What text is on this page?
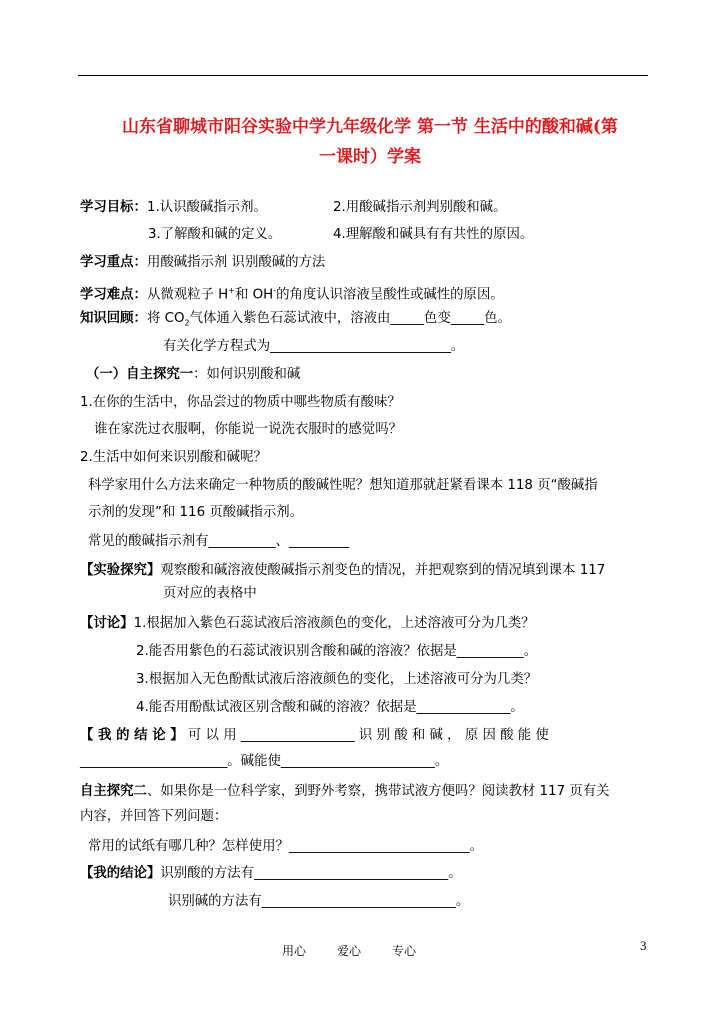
山东省聊城市阳谷实验中学九年级化学 第一节 生活中的酸和碱(第
一课时）学案
学习目标：1.认识酸碱指示剂。	2.用酸碱指示剂判别酸和碱。
3.了解酸和碱的定义。	4.理解酸和碱具有有共性的原因。
学习重点：用酸碱指示剂 识别酸碱的方法
学习难点：从微观粒子 H+和 OH-的角度认识溶液呈酸性或碱性的原因。
知识回顾：将 $CO_2$气体通入紫色石蕊试液中，溶液由_____色变_____色。
有关化学方程式为___________________________。
（一）自主探究一：如何识别酸和碱
1.在你的生活中，你品尝过的物质中哪些物质有酸味？
谁在家洗过衣服啊，你能说一说洗衣服时的感觉吗？
2.生活中如何来识别酸和碱呢？
科学家用什么方法来确定一种物质的酸碱性呢？想知道那就赶紧看课本 118 页“酸碱指
示剂的发现”和 116 页酸碱指示剂。
常见的酸碱指示剂有__________、_________
【实验探究】观察酸和碱溶液使酸碱指示剂变色的情况，并把观察到的情况填到课本 117
页对应的表格中
【讨论】1.根据加入紫色石蕊试液后溶液颜色的变化，上述溶液可分为几类？
2.能否用紫色的石蕊试液识别含酸和碱的溶液？依据是__________。
3.根据加入无色酚酞试液后溶液颜色的变化，上述溶液可分为几类？
4.能否用酚酞试液区别含酸和碱的溶液？依据是______________。
【 我 的 结 论 】 可 以 用 _________________ 识 别 酸 和 碱 ， 原 因 酸 能 使
______________________。碱能使_______________________。
自主探究二、如果你是一位科学家，到野外考察，携带试液方便吗？阅读教材 117 页有关
内容，并回答下列问题：
常用的试纸有哪几种？怎样使用？___________________________。
【我的结论】识别酸的方法有_____________________________。
识别碱的方法有_____________________________。
用心	爱心	专心	3
